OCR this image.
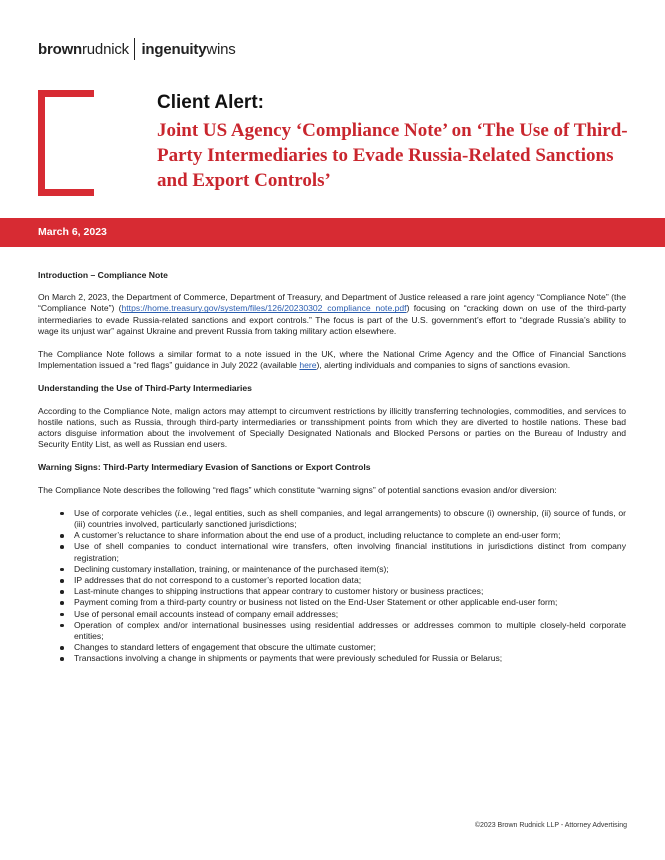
brown rudnick ingenuity wins
Client Alert:
Joint US Agency ‘Compliance Note’ on ‘The Use of Third-Party Intermediaries to Evade Russia-Related Sanctions and Export Controls’
March 6, 2023
Introduction – Compliance Note

On March 2, 2023, the Department of Commerce, Department of Treasury, and Department of Justice released a rare joint agency “Compliance Note” (the “Compliance Note”) (https://home.treasury.gov/system/files/126/20230302_compliance_note.pdf) focusing on “cracking down on use of the third-party intermediaries to evade Russia-related sanctions and export controls.” The focus is part of the U.S. government’s effort to “degrade Russia’s ability to wage its unjust war” against Ukraine and prevent Russia from taking military action elsewhere.

The Compliance Note follows a similar format to a note issued in the UK, where the National Crime Agency and the Office of Financial Sanctions Implementation issued a “red flags” guidance in July 2022 (available here), alerting individuals and companies to signs of sanctions evasion.

Understanding the Use of Third-Party Intermediaries

According to the Compliance Note, malign actors may attempt to circumvent restrictions by illicitly transferring technologies, commodities, and services to hostile nations, such as Russia, through third-party intermediaries or transshipment points from which they are diverted to hostile nations. These bad actors disguise information about the involvement of Specially Designated Nationals and Blocked Persons or parties on the Bureau of Industry and Security Entity List, as well as Russian end users.

Warning Signs: Third-Party Intermediary Evasion of Sanctions or Export Controls

The Compliance Note describes the following “red flags” which constitute “warning signs” of potential sanctions evasion and/or diversion:

Use of corporate vehicles (i.e., legal entities, such as shell companies, and legal arrangements) to obscure (i) ownership, (ii) source of funds, or (iii) countries involved, particularly sanctioned jurisdictions;
A customer’s reluctance to share information about the end use of a product, including reluctance to complete an end-user form;
Use of shell companies to conduct international wire transfers, often involving financial institutions in jurisdictions distinct from company registration;
Declining customary installation, training, or maintenance of the purchased item(s);
IP addresses that do not correspond to a customer’s reported location data;
Last-minute changes to shipping instructions that appear contrary to customer history or business practices;
Payment coming from a third-party country or business not listed on the End-User Statement or other applicable end-user form;
Use of personal email accounts instead of company email addresses;
Operation of complex and/or international businesses using residential addresses or addresses common to multiple closely-held corporate entities;
Changes to standard letters of engagement that obscure the ultimate customer;
Transactions involving a change in shipments or payments that were previously scheduled for Russia or Belarus;
©2023 Brown Rudnick LLP - Attorney Advertising
